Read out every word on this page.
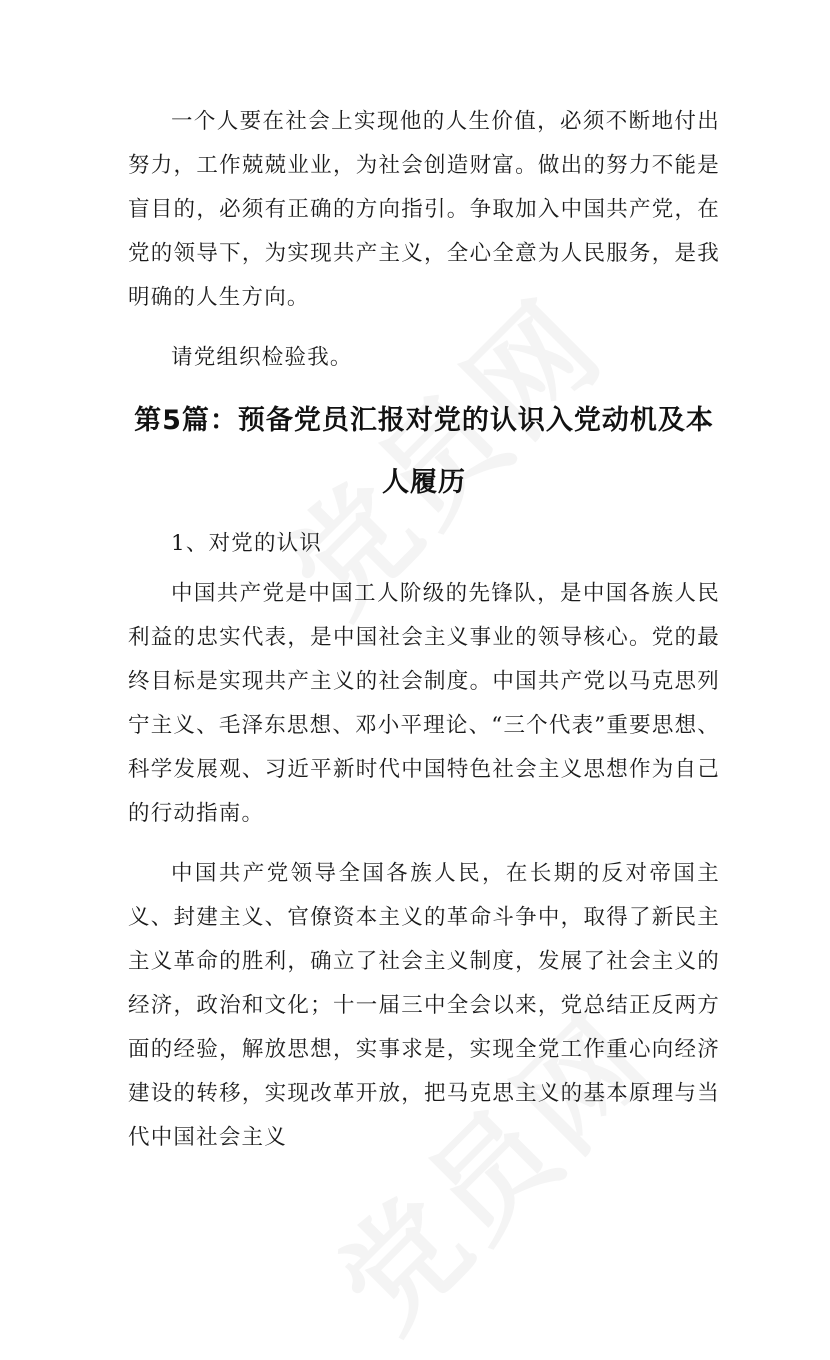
一个人要在社会上实现他的人生价值，必须不断地付出努力，工作兢兢业业，为社会创造财富。做出的努力不能是盲目的，必须有正确的方向指引。争取加入中国共产党，在党的领导下，为实现共产主义，全心全意为人民服务，是我明确的人生方向。

请党组织检验我。

第5篇：预备党员汇报对党的认识入党动机及本人履历

1、对党的认识

中国共产党是中国工人阶级的先锋队，是中国各族人民利益的忠实代表，是中国社会主义事业的领导核心。党的最终目标是实现共产主义的社会制度。中国共产党以马克思列宁主义、毛泽东思想、邓小平理论、“三个代表”重要思想、科学发展观、习近平新时代中国特色社会主义思想作为自己的行动指南。

中国共产党领导全国各族人民，在长期的反对帝国主义、封建主义、官僚资本主义的革命斗争中，取得了新民主主义革命的胜利，确立了社会主义制度，发展了社会主义的经济，政治和文化；十一届三中全会以来，党总结正反两方面的经验，解放思想，实事求是，实现全党工作重心向经济建设的转移，实现改革开放，把马克思主义的基本原理与当代中国社会主义
